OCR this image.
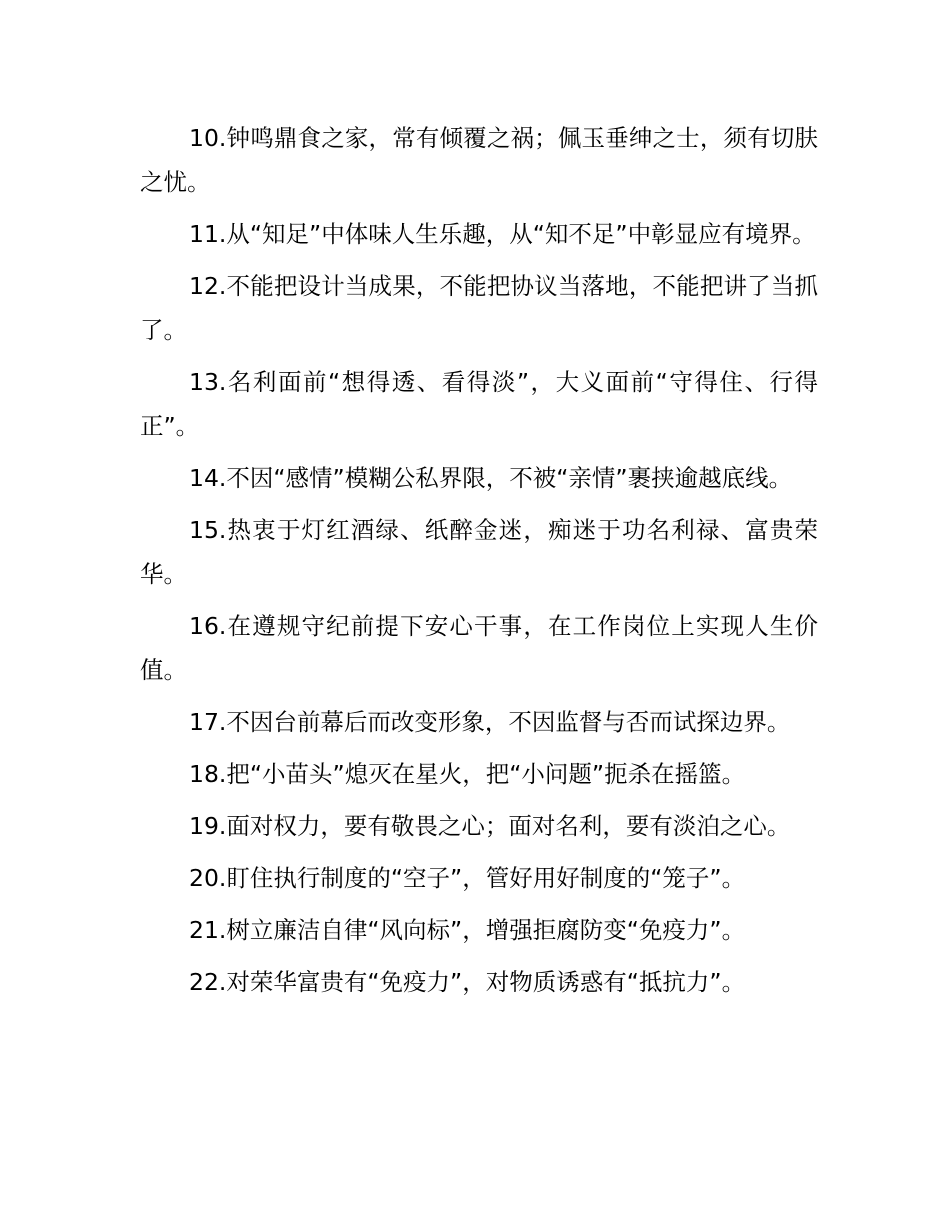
10.钟鸣鼎食之家，常有倾覆之祸；佩玉垂绅之士，须有切肤之忧。

11.从“知足”中体味人生乐趣，从“知不足”中彰显应有境界。

12.不能把设计当成果，不能把协议当落地，不能把讲了当抓了。

13.名利面前“想得透、看得淡”，大义面前“守得住、行得正”。

14.不因“感情”模糊公私界限，不被“亲情”裹挟逾越底线。

15.热衷于灯红酒绿、纸醉金迷，痴迷于功名利禄、富贵荣华。

16.在遵规守纪前提下安心干事，在工作岗位上实现人生价值。

17.不因台前幕后而改变形象，不因监督与否而试探边界。

18.把“小苗头”熄灭在星火，把“小问题”扼杀在摇篮。

19.面对权力，要有敬畏之心；面对名利，要有淡泊之心。

20.盯住执行制度的“空子”，管好用好制度的“笼子”。

21.树立廉洁自律“风向标”，增强拒腐防变“免疫力”。

22.对荣华富贵有“免疫力”，对物质诱惑有“抵抗力”。
